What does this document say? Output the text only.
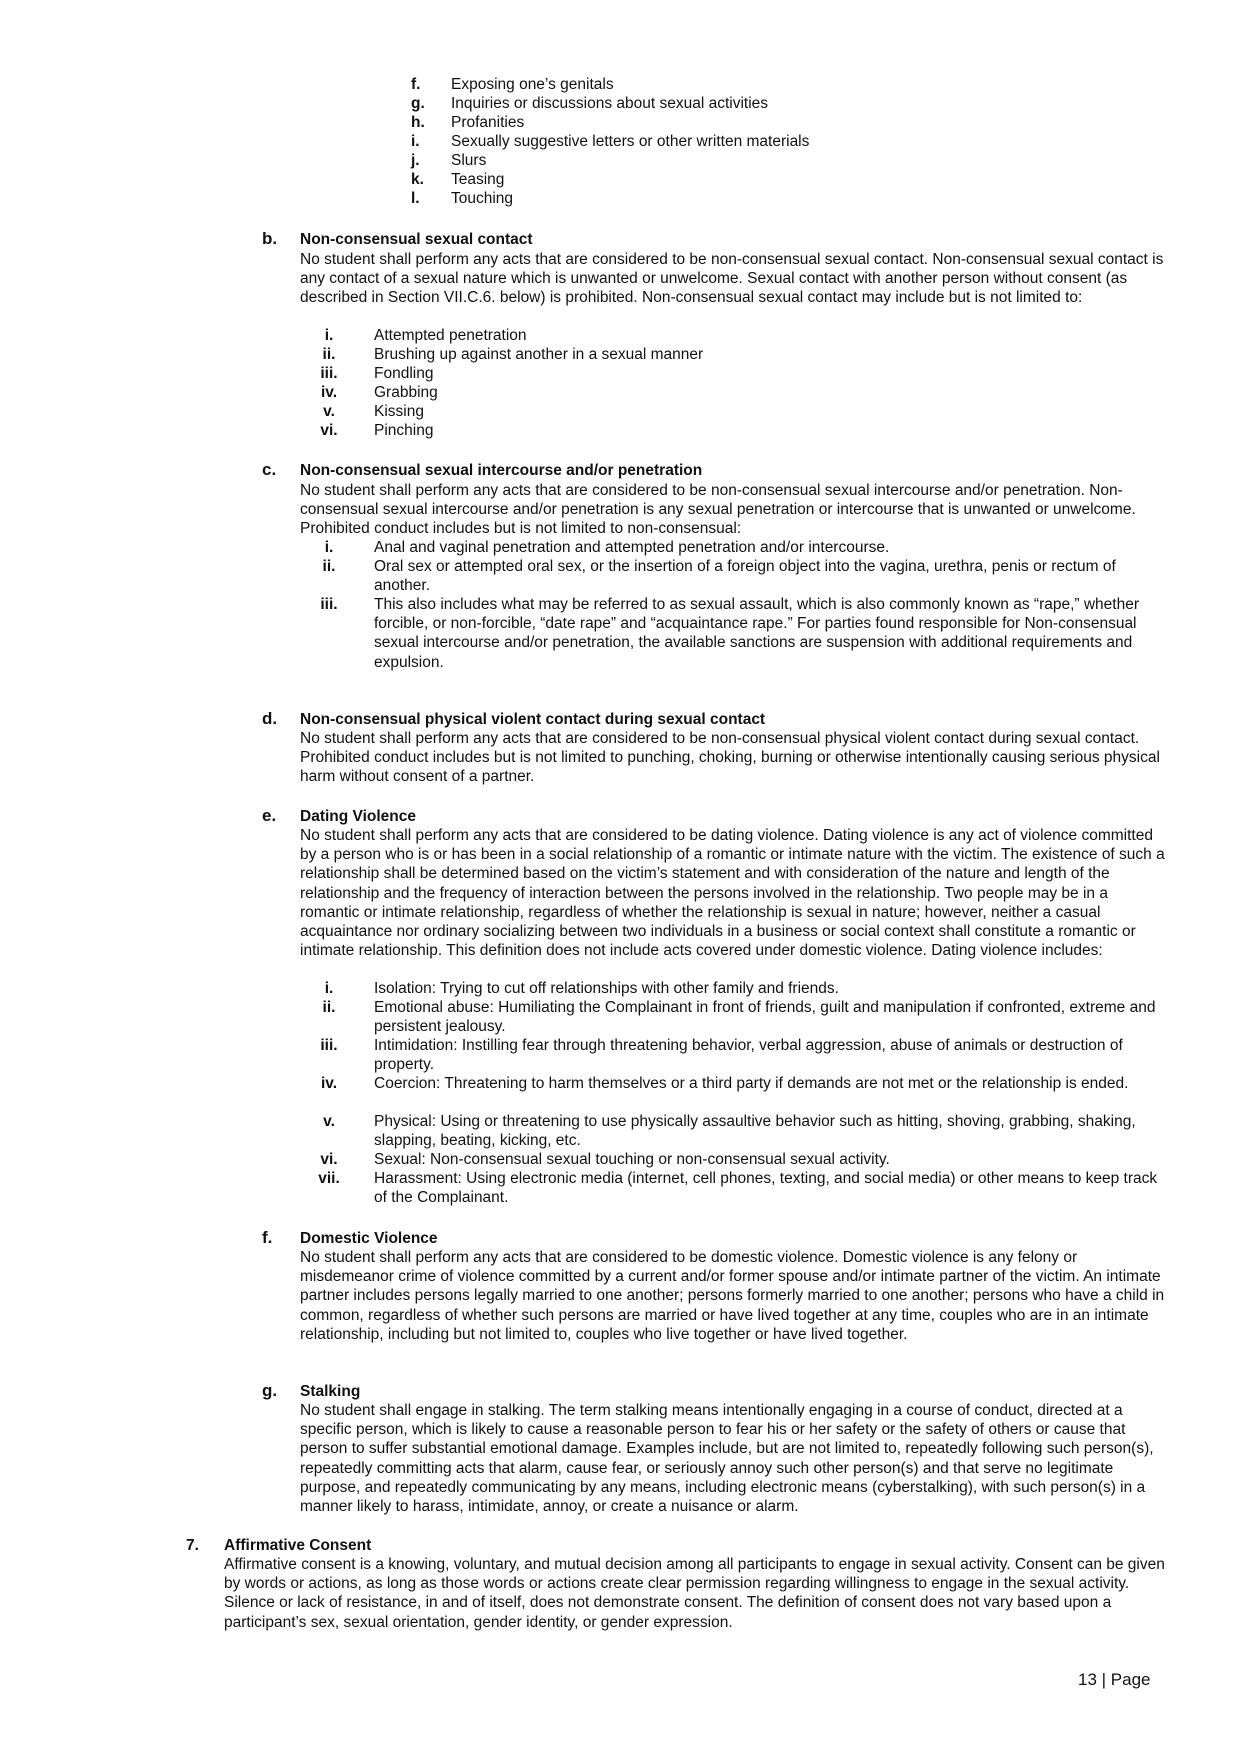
f. Exposing one’s genitals
g. Inquiries or discussions about sexual activities
h. Profanities
i. Sexually suggestive letters or other written materials
j. Slurs
k. Teasing
l. Touching
b. Non-consensual sexual contact
No student shall perform any acts that are considered to be non-consensual sexual contact. Non-consensual sexual contact is any contact of a sexual nature which is unwanted or unwelcome. Sexual contact with another person without consent (as described in Section VII.C.6. below) is prohibited. Non-consensual sexual contact may include but is not limited to:
i.	Attempted penetration
ii.	Brushing up against another in a sexual manner
iii. Fondling
iv.	Grabbing
v.	Kissing
vi. Pinching
c. Non-consensual sexual intercourse and/or penetration
No student shall perform any acts that are considered to be non-consensual sexual intercourse and/or penetration. Non-consensual sexual intercourse and/or penetration is any sexual penetration or intercourse that is unwanted or unwelcome. Prohibited conduct includes but is not limited to non-consensual:
i.	Anal and vaginal penetration and attempted penetration and/or intercourse.
ii.	Oral sex or attempted oral sex, or the insertion of a foreign object into the vagina, urethra, penis or rectum of another.
iii. This also includes what may be referred to as sexual assault, which is also commonly known as “rape,” whether forcible, or non-forcible, “date rape” and “acquaintance rape.” For parties found responsible for Non-consensual sexual intercourse and/or penetration, the available sanctions are suspension with additional requirements and expulsion.
d. Non-consensual physical violent contact during sexual contact
No student shall perform any acts that are considered to be non-consensual physical violent contact during sexual contact. Prohibited conduct includes but is not limited to punching, choking, burning or otherwise intentionally causing serious physical harm without consent of a partner.
e. Dating Violence
No student shall perform any acts that are considered to be dating violence. Dating violence is any act of violence committed by a person who is or has been in a social relationship of a romantic or intimate nature with the victim. The existence of such a relationship shall be determined based on the victim’s statement and with consideration of the nature and length of the relationship and the frequency of interaction between the persons involved in the relationship. Two people may be in a romantic or intimate relationship, regardless of whether the relationship is sexual in nature; however, neither a casual acquaintance nor ordinary socializing between two individuals in a business or social context shall constitute a romantic or intimate relationship. This definition does not include acts covered under domestic violence. Dating violence includes:
i.	Isolation: Trying to cut off relationships with other family and friends.
ii.	Emotional abuse: Humiliating the Complainant in front of friends, guilt and manipulation if confronted, extreme and persistent jealousy.
iii. Intimidation: Instilling fear through threatening behavior, verbal aggression, abuse of animals or destruction of property.
iv.	Coercion: Threatening to harm themselves or a third party if demands are not met or the relationship is ended.
v.	Physical: Using or threatening to use physically assaultive behavior such as hitting, shoving, grabbing, shaking, slapping, beating, kicking, etc.
vi. Sexual: Non-consensual sexual touching or non-consensual sexual activity.
vii. Harassment: Using electronic media (internet, cell phones, texting, and social media) or other means to keep track of the Complainant.
f. Domestic Violence
No student shall perform any acts that are considered to be domestic violence. Domestic violence is any felony or misdemeanor crime of violence committed by a current and/or former spouse and/or intimate partner of the victim. An intimate partner includes persons legally married to one another; persons formerly married to one another; persons who have a child in common, regardless of whether such persons are married or have lived together at any time, couples who are in an intimate relationship, including but not limited to, couples who live together or have lived together.
g. Stalking
No student shall engage in stalking. The term stalking means intentionally engaging in a course of conduct, directed at a specific person, which is likely to cause a reasonable person to fear his or her safety or the safety of others or cause that person to suffer substantial emotional damage. Examples include, but are not limited to, repeatedly following such person(s), repeatedly committing acts that alarm, cause fear, or seriously annoy such other person(s) and that serve no legitimate purpose, and repeatedly communicating by any means, including electronic means (cyberstalking), with such person(s) in a manner likely to harass, intimidate, annoy, or create a nuisance or alarm.
7. Affirmative Consent
Affirmative consent is a knowing, voluntary, and mutual decision among all participants to engage in sexual activity. Consent can be given by words or actions, as long as those words or actions create clear permission regarding willingness to engage in the sexual activity. Silence or lack of resistance, in and of itself, does not demonstrate consent. The definition of consent does not vary based upon a participant’s sex, sexual orientation, gender identity, or gender expression.
13 | Page
